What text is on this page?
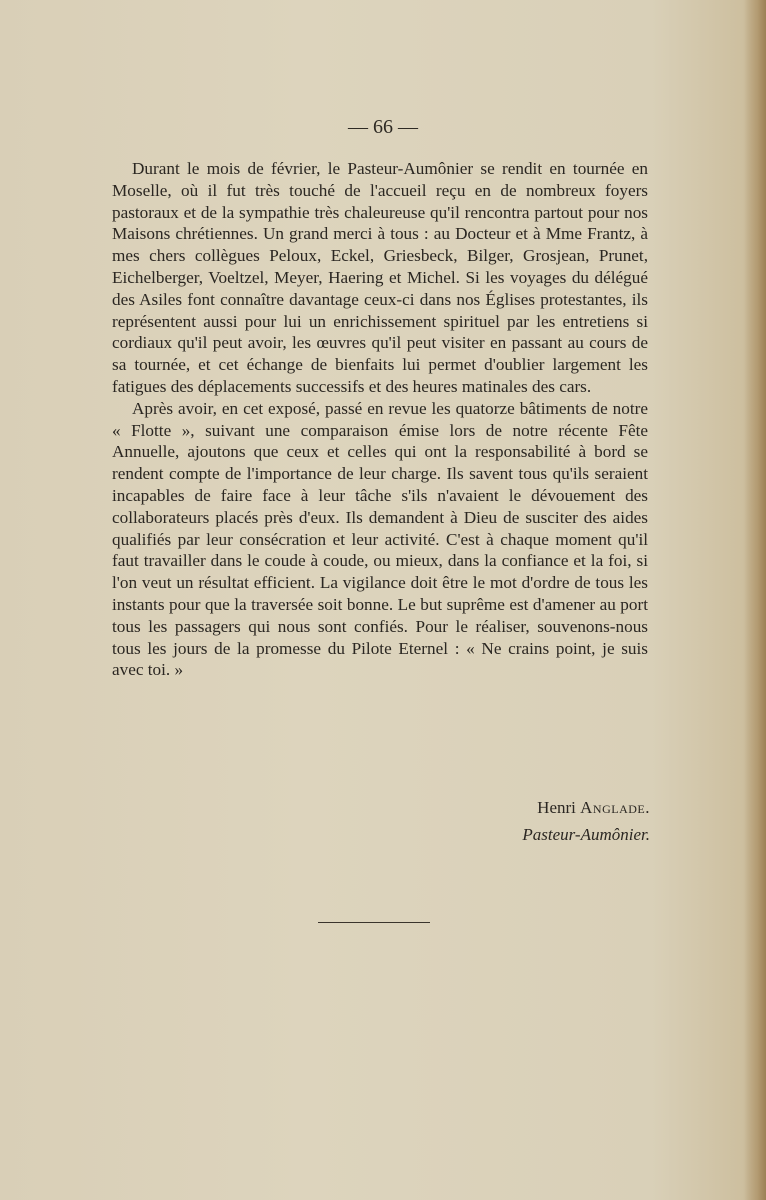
— 66 —

Durant le mois de février, le Pasteur-Aumônier se rendit en tournée en Moselle, où il fut très touché de l'accueil reçu en de nombreux foyers pastoraux et de la sympathie très chaleureuse qu'il rencontra partout pour nos Maisons chrétiennes. Un grand merci à tous : au Docteur et à Mme Frantz, à mes chers collègues Peloux, Eckel, Griesbeck, Bilger, Grosjean, Prunet, Eichelberger, Voeltzel, Meyer, Haering et Michel. Si les voyages du délégué des Asiles font connaître davantage ceux-ci dans nos Églises protestantes, ils représentent aussi pour lui un enrichissement spirituel par les entretiens si cordiaux qu'il peut avoir, les œuvres qu'il peut visiter en passant au cours de sa tournée, et cet échange de bienfaits lui permet d'oublier largement les fatigues des déplacements successifs et des heures matinales des cars.

Après avoir, en cet exposé, passé en revue les quatorze bâtiments de notre « Flotte », suivant une comparaison émise lors de notre récente Fête Annuelle, ajoutons que ceux et celles qui ont la responsabilité à bord se rendent compte de l'importance de leur charge. Ils savent tous qu'ils seraient incapables de faire face à leur tâche s'ils n'avaient le dévouement des collaborateurs placés près d'eux. Ils demandent à Dieu de susciter des aides qualifiés par leur consécration et leur activité. C'est à chaque moment qu'il faut travailler dans le coude à coude, ou mieux, dans la confiance et la foi, si l'on veut un résultat efficient. La vigilance doit être le mot d'ordre de tous les instants pour que la traversée soit bonne. Le but suprême est d'amener au port tous les passagers qui nous sont confiés. Pour le réaliser, souvenons-nous tous les jours de la promesse du Pilote Eternel : « Ne crains point, je suis avec toi. »

Henri Anglade.
Pasteur-Aumônier.
